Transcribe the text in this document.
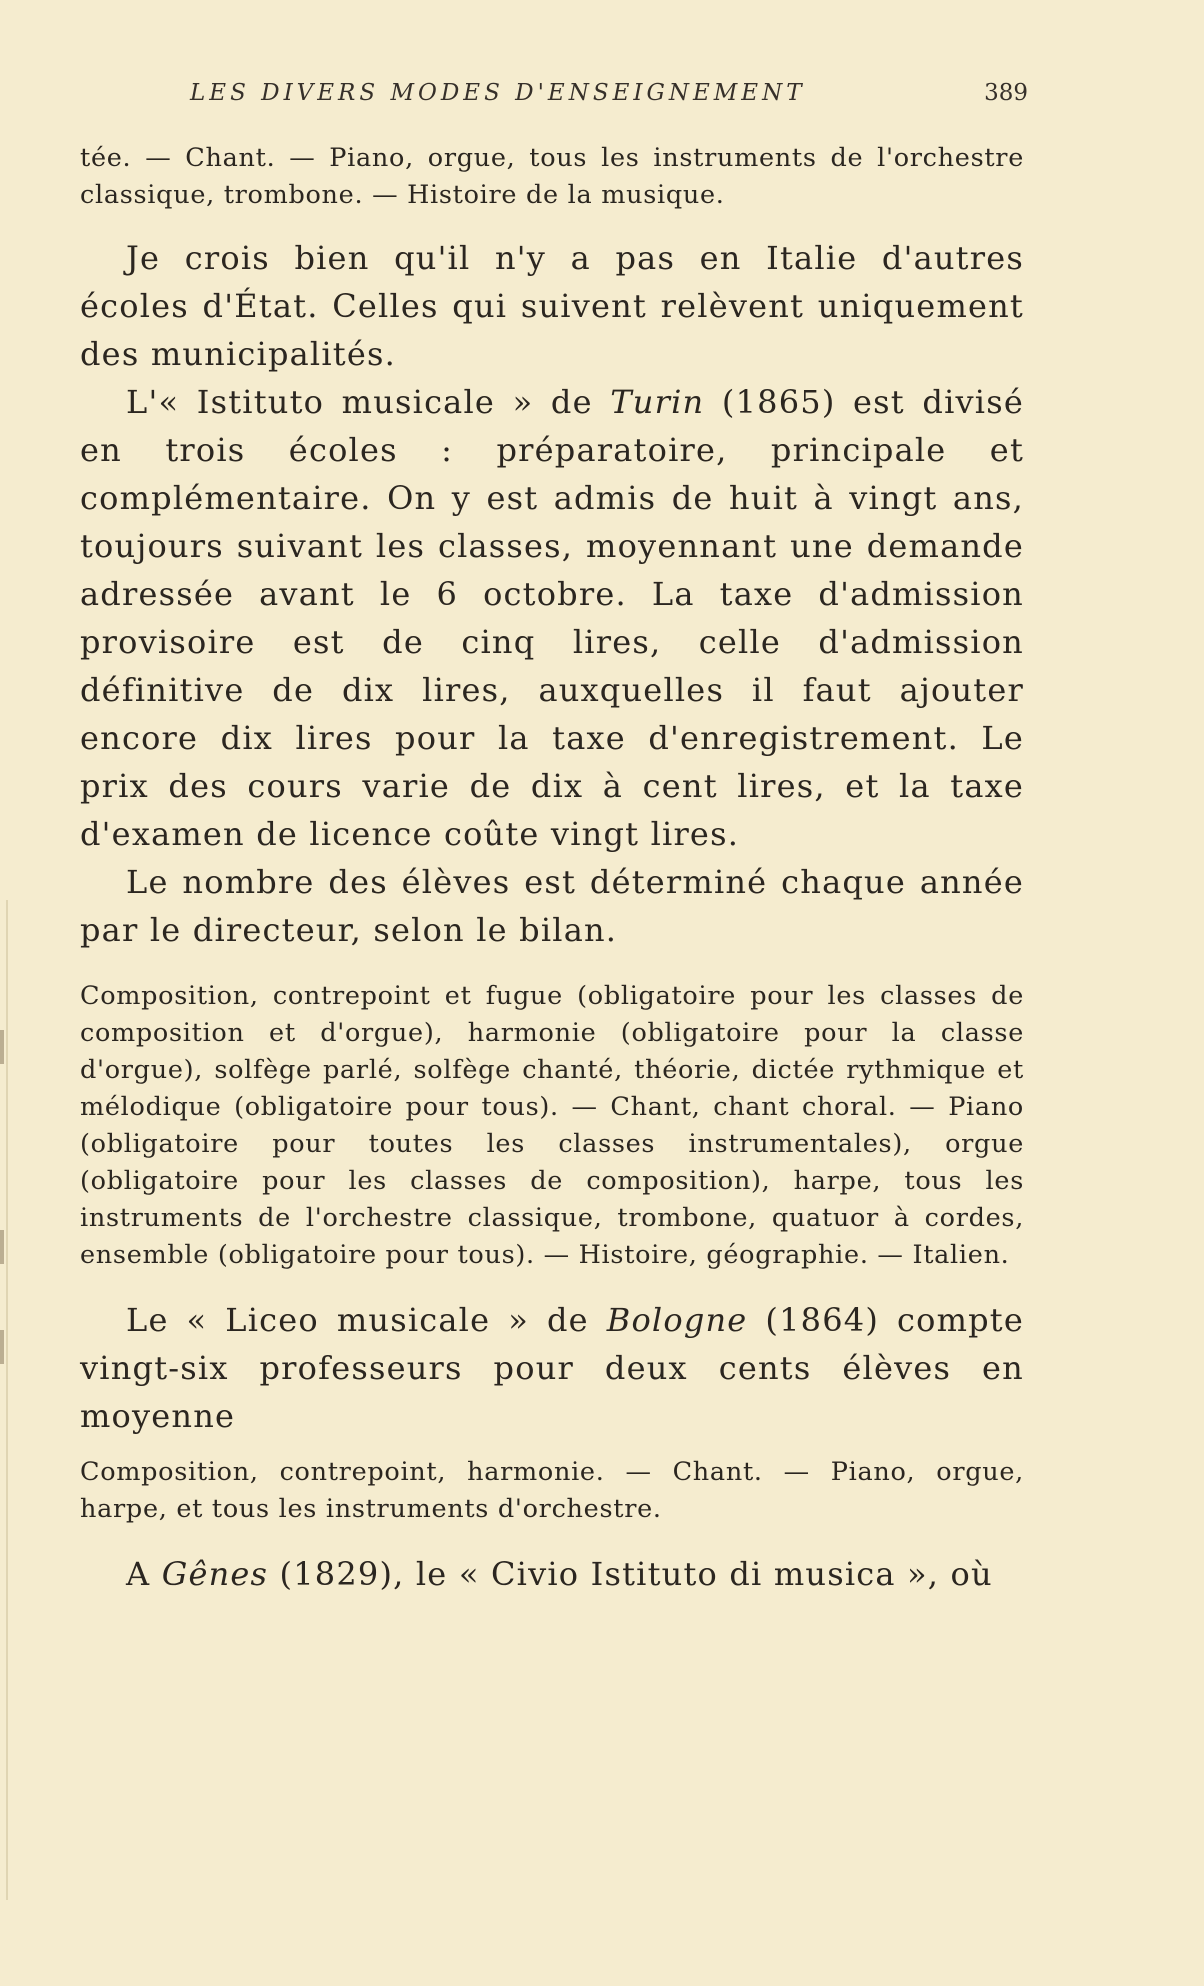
LES DIVERS MODES D'ENSEIGNEMENT	389
tée. — Chant. — Piano, orgue, tous les instruments de l'orchestre classique, trombone. — Histoire de la musique.
Je crois bien qu'il n'y a pas en Italie d'autres écoles d'État. Celles qui suivent relèvent uniquement des municipalités.
L'« Istituto musicale » de Turin (1865) est divisé en trois écoles : préparatoire, principale et complémentaire. On y est admis de huit à vingt ans, toujours suivant les classes, moyennant une demande adressée avant le 6 octobre. La taxe d'admission provisoire est de cinq lires, celle d'admission définitive de dix lires, auxquelles il faut ajouter encore dix lires pour la taxe d'enregistrement. Le prix des cours varie de dix à cent lires, et la taxe d'examen de licence coûte vingt lires.
Le nombre des élèves est déterminé chaque année par le directeur, selon le bilan.
Composition, contrepoint et fugue (obligatoire pour les classes de composition et d'orgue), harmonie (obligatoire pour la classe d'orgue), solfège parlé, solfège chanté, théorie, dictée rythmique et mélodique (obligatoire pour tous). — Chant, chant choral. — Piano (obligatoire pour toutes les classes instrumentales), orgue (obligatoire pour les classes de composition), harpe, tous les instruments de l'orchestre classique, trombone, quatuor à cordes, ensemble (obligatoire pour tous). — Histoire, géographie. — Italien.
Le « Liceo musicale » de Bologne (1864) compte vingt-six professeurs pour deux cents élèves en moyenne
Composition, contrepoint, harmonie. — Chant. — Piano, orgue, harpe, et tous les instruments d'orchestre.
A Gênes (1829), le « Civio Istituto di musica », où
